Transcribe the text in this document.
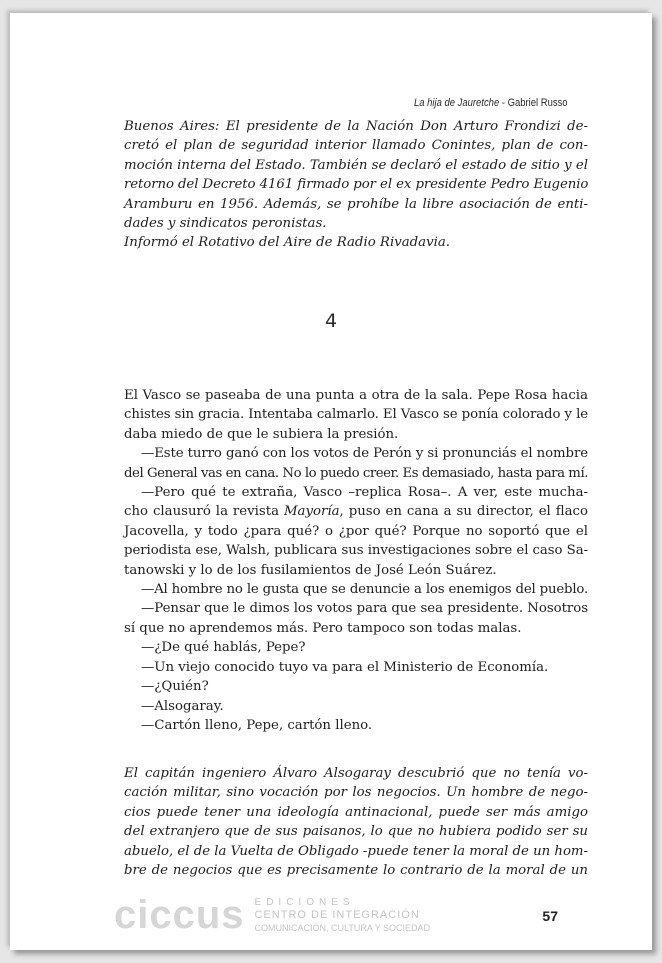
La hija de Jauretche - Gabriel Russo
Buenos Aires: El presidente de la Nación Don Arturo Frondizi de-
cretó el plan de seguridad interior llamado Conintes, plan de con-
moción interna del Estado. También se declaró el estado de sitio y el
retorno del Decreto 4161 firmado por el ex presidente Pedro Eugenio
Aramburu en 1956. Además, se prohíbe la libre asociación de enti-
dades y sindicatos peronistas.
Informó el Rotativo del Aire de Radio Rivadavia.
4
El Vasco se paseaba de una punta a otra de la sala. Pepe Rosa hacia
chistes sin gracia. Intentaba calmarlo. El Vasco se ponía colorado y le
daba miedo de que le subiera la presión.
—Este turro ganó con los votos de Perón y si pronunciás el nombre
del General vas en cana. No lo puedo creer. Es demasiado, hasta para mí.
—Pero qué te extraña, Vasco –replica Rosa–. A ver, este mucha-
cho clausuró la revista Mayoría, puso en cana a su director, el flaco
Jacovella, y todo ¿para qué? o ¿por qué? Porque no soportó que el
periodista ese, Walsh, publicara sus investigaciones sobre el caso Sa-
tanowski y lo de los fusilamientos de José León Suárez.
—Al hombre no le gusta que se denuncie a los enemigos del pueblo.
—Pensar que le dimos los votos para que sea presidente. Nosotros
sí que no aprendemos más. Pero tampoco son todas malas.
—¿De qué hablás, Pepe?
—Un viejo conocido tuyo va para el Ministerio de Economía.
—¿Quién?
—Alsogaray.
—Cartón lleno, Pepe, cartón lleno.
El capitán ingeniero Álvaro Alsogaray descubrió que no tenía vo-
cación militar, sino vocación por los negocios. Un hombre de nego-
cios puede tener una ideología antinacional, puede ser más amigo
del extranjero que de sus paisanos, lo que no hubiera podido ser su
abuelo, el de la Vuelta de Obligado -puede tener la moral de un hom-
bre de negocios que es precisamente lo contrario de la moral de un
ciccus EDICIONES
CENTRO DE INTEGRACIÓN
COMUNICACIÓN, CULTURA Y SOCIEDAD
57
